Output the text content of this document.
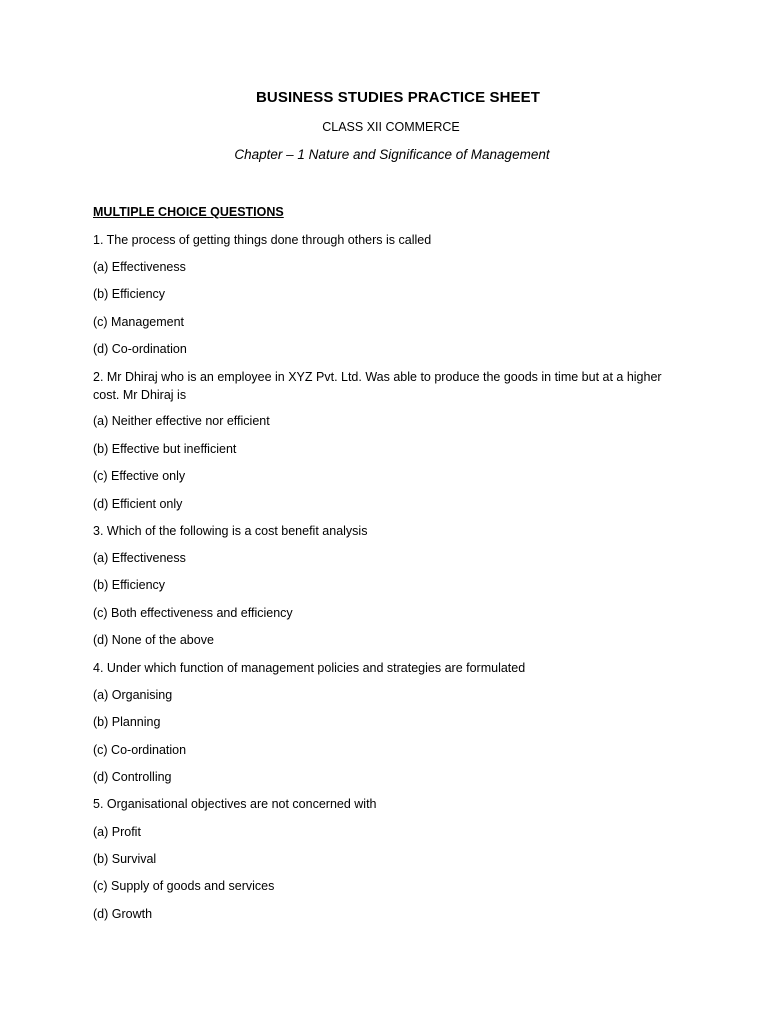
BUSINESS STUDIES PRACTICE SHEET
CLASS XII COMMERCE
Chapter – 1 Nature and Significance of Management
MULTIPLE CHOICE QUESTIONS
1. The process of getting things done through others is called
(a) Effectiveness
(b) Efficiency
(c) Management
(d) Co-ordination
2. Mr Dhiraj who is an employee in XYZ Pvt. Ltd. Was able to produce the goods in time but at a higher cost. Mr Dhiraj is
(a) Neither effective nor efficient
(b) Effective but inefficient
(c) Effective only
(d) Efficient only
3. Which of the following is a cost benefit analysis
(a) Effectiveness
(b) Efficiency
(c) Both effectiveness and efficiency
(d) None of the above
4. Under which function of management policies and strategies are formulated
(a) Organising
(b) Planning
(c) Co-ordination
(d) Controlling
5. Organisational objectives are not concerned with
(a) Profit
(b) Survival
(c) Supply of goods and services
(d) Growth
